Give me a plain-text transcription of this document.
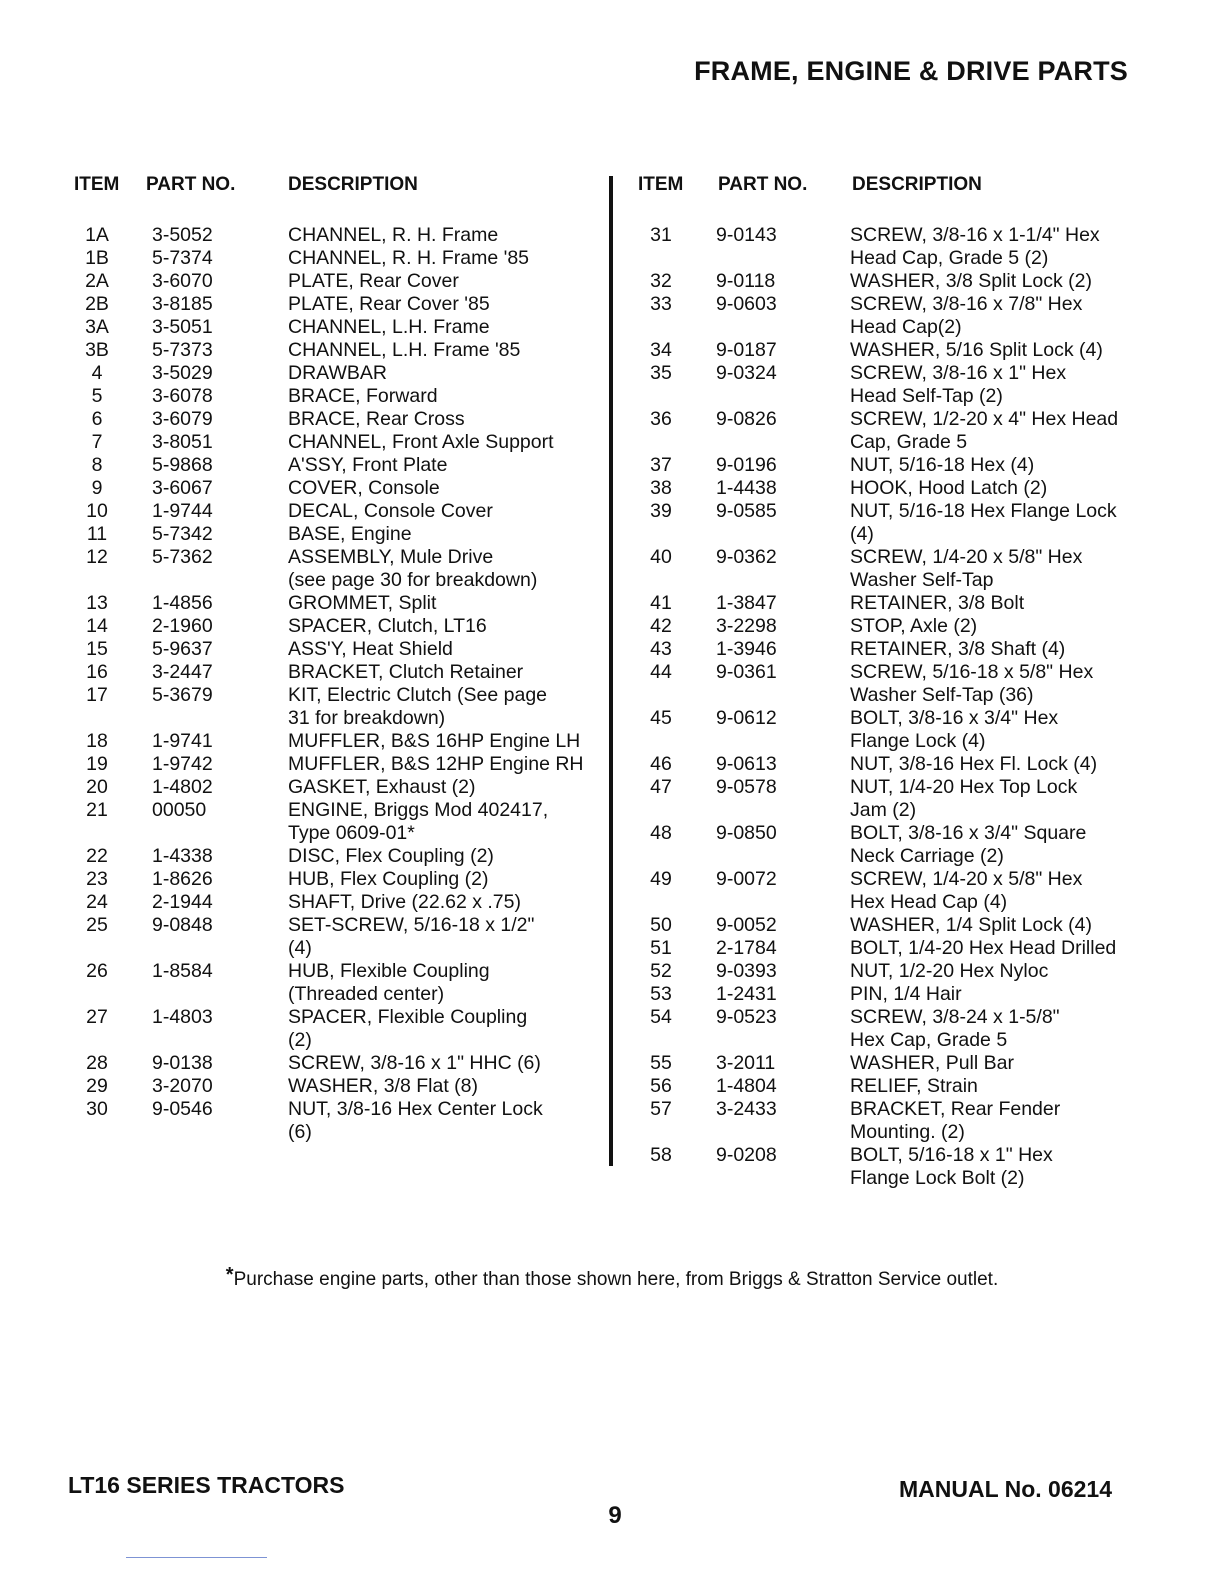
FRAME, ENGINE & DRIVE PARTS
ITEM PART NO.	DESCRIPTION
1A	3-5052	CHANNEL, R. H. Frame
1B	5-7374	CHANNEL, R. H. Frame '85
2A	3-6070	PLATE, Rear Cover
2B	3-8185	PLATE, Rear Cover '85
3A	3-5051	CHANNEL, L.H. Frame
3B	5-7373	CHANNEL, L.H. Frame '85
4	3-5029	DRAWBAR
5	3-6078	BRACE, Forward
6	3-6079	BRACE, Rear Cross
7	3-8051	CHANNEL, Front Axle Support
8	5-9868	A'SSY, Front Plate
9	3-6067	COVER, Console
10	1-9744	DECAL, Console Cover
11	5-7342	BASE, Engine
12	5-7362	ASSEMBLY, Mule Drive
(see page 30 for breakdown)
13	1-4856	GROMMET, Split
14	2-1960	SPACER, Clutch, LT16
15	5-9637	ASS'Y, Heat Shield
16	3-2447	BRACKET, Clutch Retainer
17	5-3679	KIT, Electric Clutch (See page
31 for breakdown)
18	1-9741	MUFFLER, B&S 16HP Engine LH
19	1-9742	MUFFLER, B&S 12HP Engine RH
20	1-4802	GASKET, Exhaust (2)
21	00050	ENGINE, Briggs Mod 402417,
Type 0609-01*
22	1-4338	DISC, Flex Coupling (2)
23	1-8626	HUB, Flex Coupling (2)
24	2-1944	SHAFT, Drive (22.62 x .75)
25	9-0848	SET-SCREW, 5/16-18 x 1/2"
(4)
26	1-8584	HUB, Flexible Coupling
(Threaded center)
27	1-4803	SPACER, Flexible Coupling
(2)
28	9-0138	SCREW, 3/8-16 x 1" HHC (6)
29	3-2070	WASHER, 3/8 Flat (8)
30	9-0546	NUT, 3/8-16 Hex Center Lock
(6)
ITEM PART NO. DESCRIPTION
31	9-0143	SCREW, 3/8-16 x 1-1/4" Hex
Head Cap, Grade 5 (2)
32	9-0118	WASHER, 3/8 Split Lock (2)
33	9-0603	SCREW, 3/8-16 x 7/8" Hex
Head Cap(2)
34	9-0187	WASHER, 5/16 Split Lock (4)
35	9-0324	SCREW, 3/8-16 x 1" Hex
Head Self-Tap (2)
36	9-0826	SCREW, 1/2-20 x 4" Hex Head
Cap, Grade 5
37	9-0196	NUT, 5/16-18 Hex (4)
38	1-4438	HOOK, Hood Latch (2)
39	9-0585	NUT, 5/16-18 Hex Flange Lock
(4)
40	9-0362	SCREW, 1/4-20 x 5/8" Hex
Washer Self-Tap
41	1-3847	RETAINER, 3/8 Bolt
42	3-2298	STOP, Axle (2)
43	1-3946	RETAINER, 3/8 Shaft (4)
44	9-0361	SCREW, 5/16-18 x 5/8" Hex
Washer Self-Tap (36)
45	9-0612	BOLT, 3/8-16 x 3/4" Hex
Flange Lock (4)
46	9-0613	NUT, 3/8-16 Hex Fl. Lock (4)
47	9-0578	NUT, 1/4-20 Hex Top Lock
Jam (2)
48	9-0850	BOLT, 3/8-16 x 3/4" Square
Neck Carriage (2)
49	9-0072	SCREW, 1/4-20 x 5/8" Hex
Hex Head Cap (4)
50	9-0052	WASHER, 1/4 Split Lock (4)
51	2-1784	BOLT, 1/4-20 Hex Head Drilled
52	9-0393	NUT, 1/2-20 Hex Nyloc
53	1-2431	PIN, 1/4 Hair
54	9-0523	SCREW, 3/8-24 x 1-5/8"
Hex Cap, Grade 5
55	3-2011	WASHER, Pull Bar
56	1-4804	RELIEF, Strain
57	3-2433	BRACKET, Rear Fender
Mounting. (2)
58	9-0208	BOLT, 5/16-18 x 1" Hex
Flange Lock Bolt (2)
*Purchase engine parts, other than those shown here, from Briggs & Stratton Service outlet.
LT16 SERIES TRACTORS	MANUAL No. 06214
9
